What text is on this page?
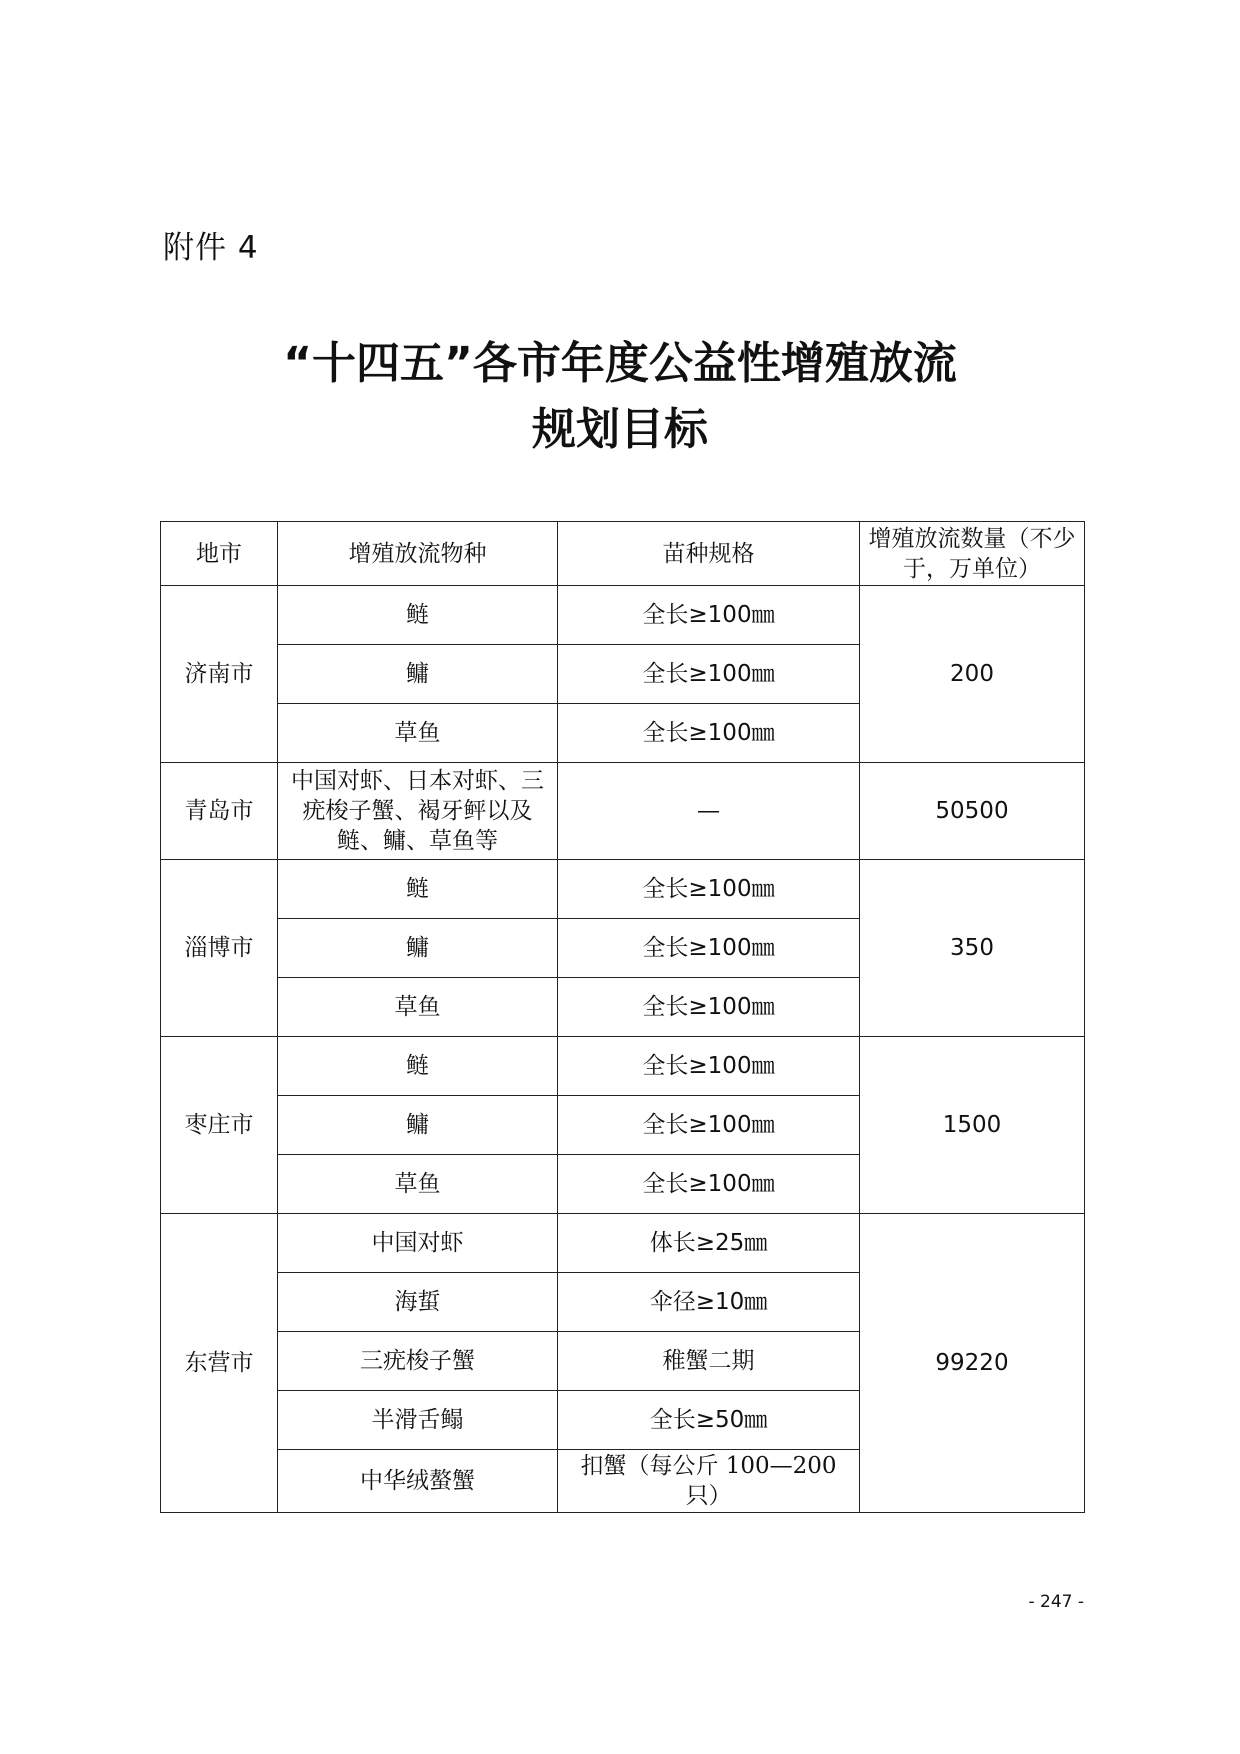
附件 4

“十四五”各市年度公益性增殖放流
规划目标
地市	增殖放流物种	苗种规格	增殖放流数量（不少于，万单位）
济南市	鲢	全长≥100㎜	200
	鳙	全长≥100㎜	
	草鱼	全长≥100㎜	
青岛市	中国对虾、日本对虾、三疣梭子蟹、褐牙鲆以及鲢、鳙、草鱼等	—	50500
淄博市	鲢	全长≥100㎜	350
	鳙	全长≥100㎜	
	草鱼	全长≥100㎜	
枣庄市	鲢	全长≥100㎜	1500
	鳙	全长≥100㎜	
	草鱼	全长≥100㎜	
东营市	中国对虾	体长≥25㎜	99220
	海蜇	伞径≥10㎜	
	三疣梭子蟹	稚蟹二期	
	半滑舌鳎	全长≥50㎜	
	中华绒螯蟹	扣蟹（每公斤 100—200 只）	

- 247 -
